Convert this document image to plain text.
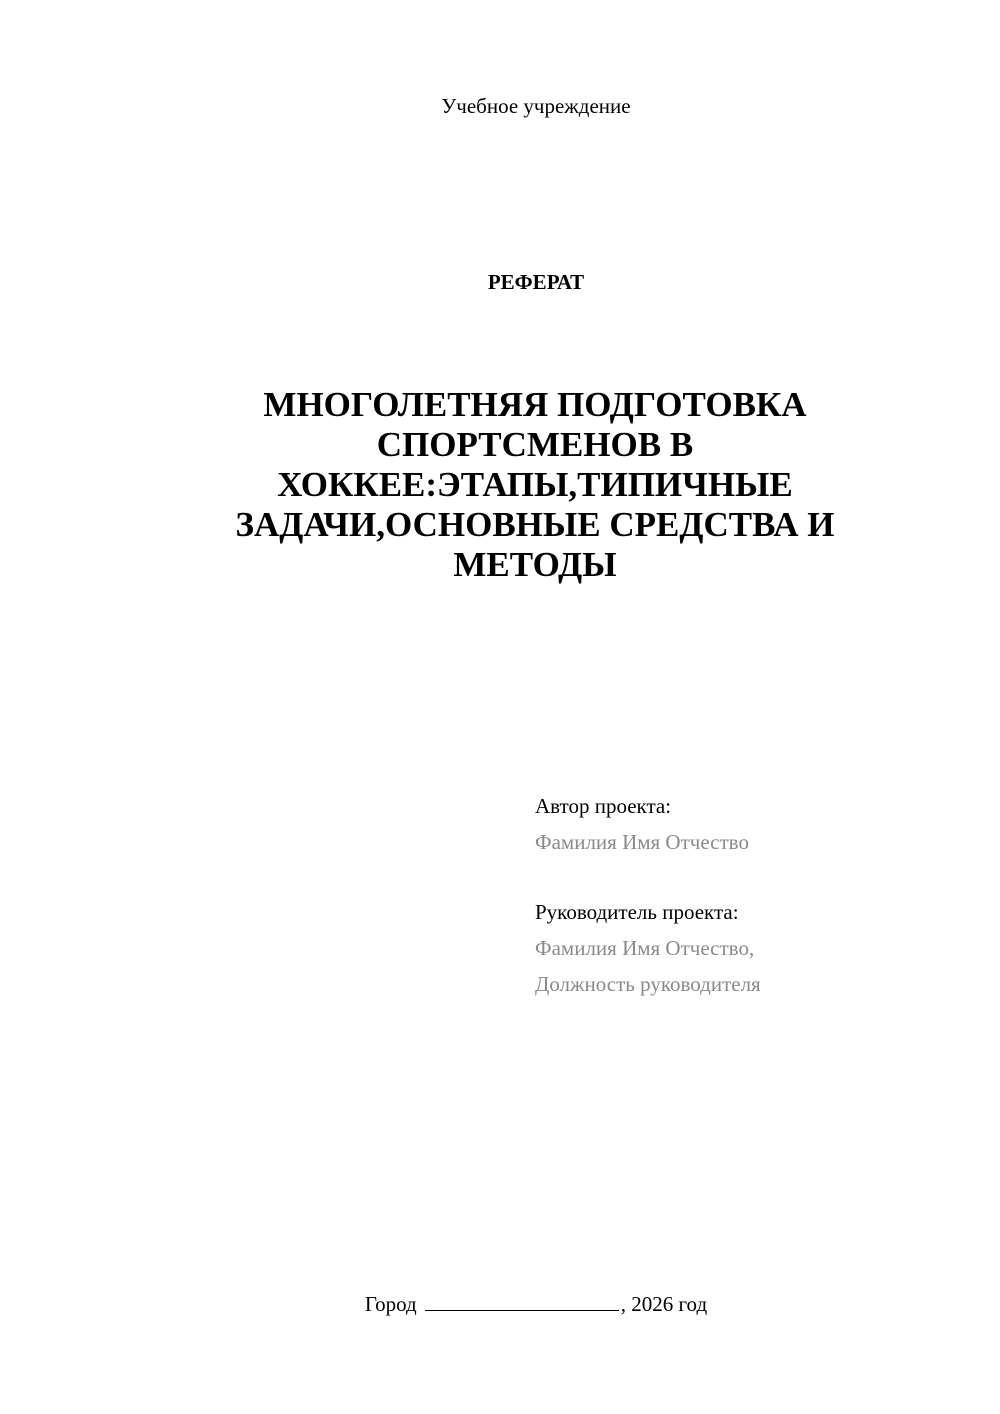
Учебное учреждение
РЕФЕРАТ
МНОГОЛЕТНЯЯ ПОДГОТОВКА
СПОРТСМЕНОВ В
ХОККЕЕ:ЭТАПЫ,ТИПИЧНЫЕ
ЗАДАЧИ,ОСНОВНЫЕ СРЕДСТВА И
МЕТОДЫ
Автор проекта:
Фамилия Имя Отчество
Руководитель проекта:
Фамилия Имя Отчество,
Должность руководителя
Город	, 2026 год
